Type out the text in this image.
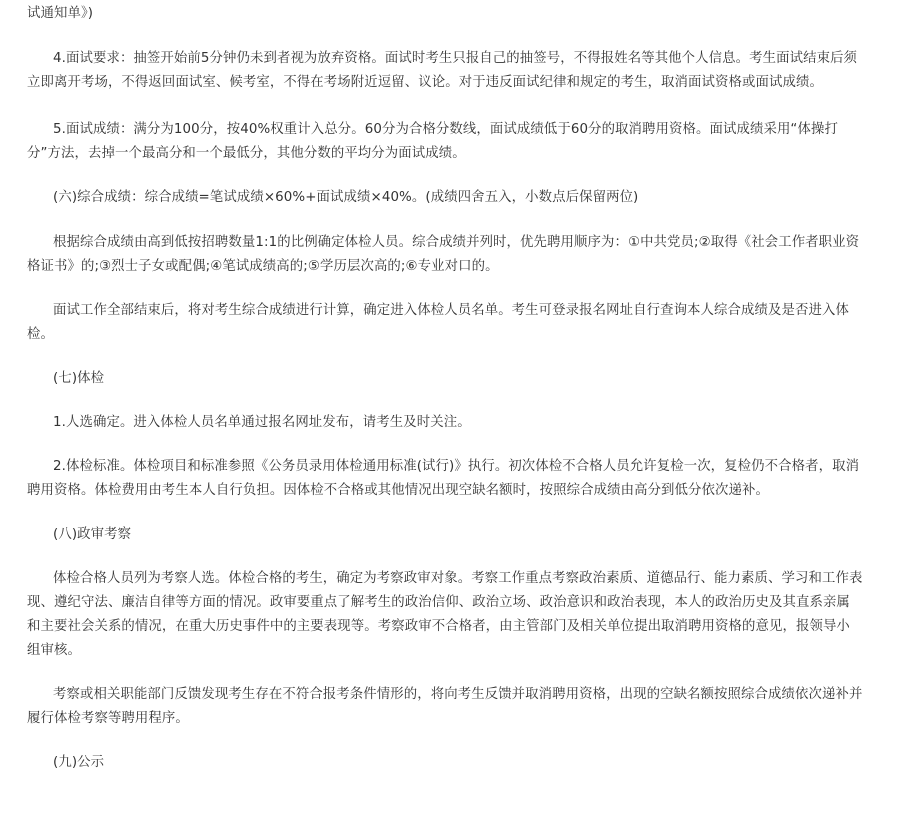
试通知单》)

4.面试要求：抽签开始前5分钟仍未到者视为放弃资格。面试时考生只报自己的抽签号，不得报姓名等其他个人信息。考生面试结束后须立即离开考场，不得返回面试室、候考室，不得在考场附近逗留、议论。对于违反面试纪律和规定的考生，取消面试资格或面试成绩。

5.面试成绩：满分为100分，按40%权重计入总分。60分为合格分数线，面试成绩低于60分的取消聘用资格。面试成绩采用“体操打分”方法，去掉一个最高分和一个最低分，其他分数的平均分为面试成绩。

(六)综合成绩：综合成绩=笔试成绩×60%+面试成绩×40%。(成绩四舍五入，小数点后保留两位)

根据综合成绩由高到低按招聘数量1:1的比例确定体检人员。综合成绩并列时，优先聘用顺序为：①中共党员;②取得《社会工作者职业资格证书》的;③烈士子女或配偶;④笔试成绩高的;⑤学历层次高的;⑥专业对口的。

面试工作全部结束后，将对考生综合成绩进行计算，确定进入体检人员名单。考生可登录报名网址自行查询本人综合成绩及是否进入体检。

(七)体检

1.人选确定。进入体检人员名单通过报名网址发布，请考生及时关注。

2.体检标准。体检项目和标准参照《公务员录用体检通用标准(试行)》执行。初次体检不合格人员允许复检一次，复检仍不合格者，取消聘用资格。体检费用由考生本人自行负担。因体检不合格或其他情况出现空缺名额时，按照综合成绩由高分到低分依次递补。

(八)政审考察

体检合格人员列为考察人选。体检合格的考生，确定为考察政审对象。考察工作重点考察政治素质、道德品行、能力素质、学习和工作表现、遵纪守法、廉洁自律等方面的情况。政审要重点了解考生的政治信仰、政治立场、政治意识和政治表现，本人的政治历史及其直系亲属和主要社会关系的情况，在重大历史事件中的主要表现等。考察政审不合格者，由主管部门及相关单位提出取消聘用资格的意见，报领导小组审核。

考察或相关职能部门反馈发现考生存在不符合报考条件情形的，将向考生反馈并取消聘用资格，出现的空缺名额按照综合成绩依次递补并履行体检考察等聘用程序。

(九)公示
